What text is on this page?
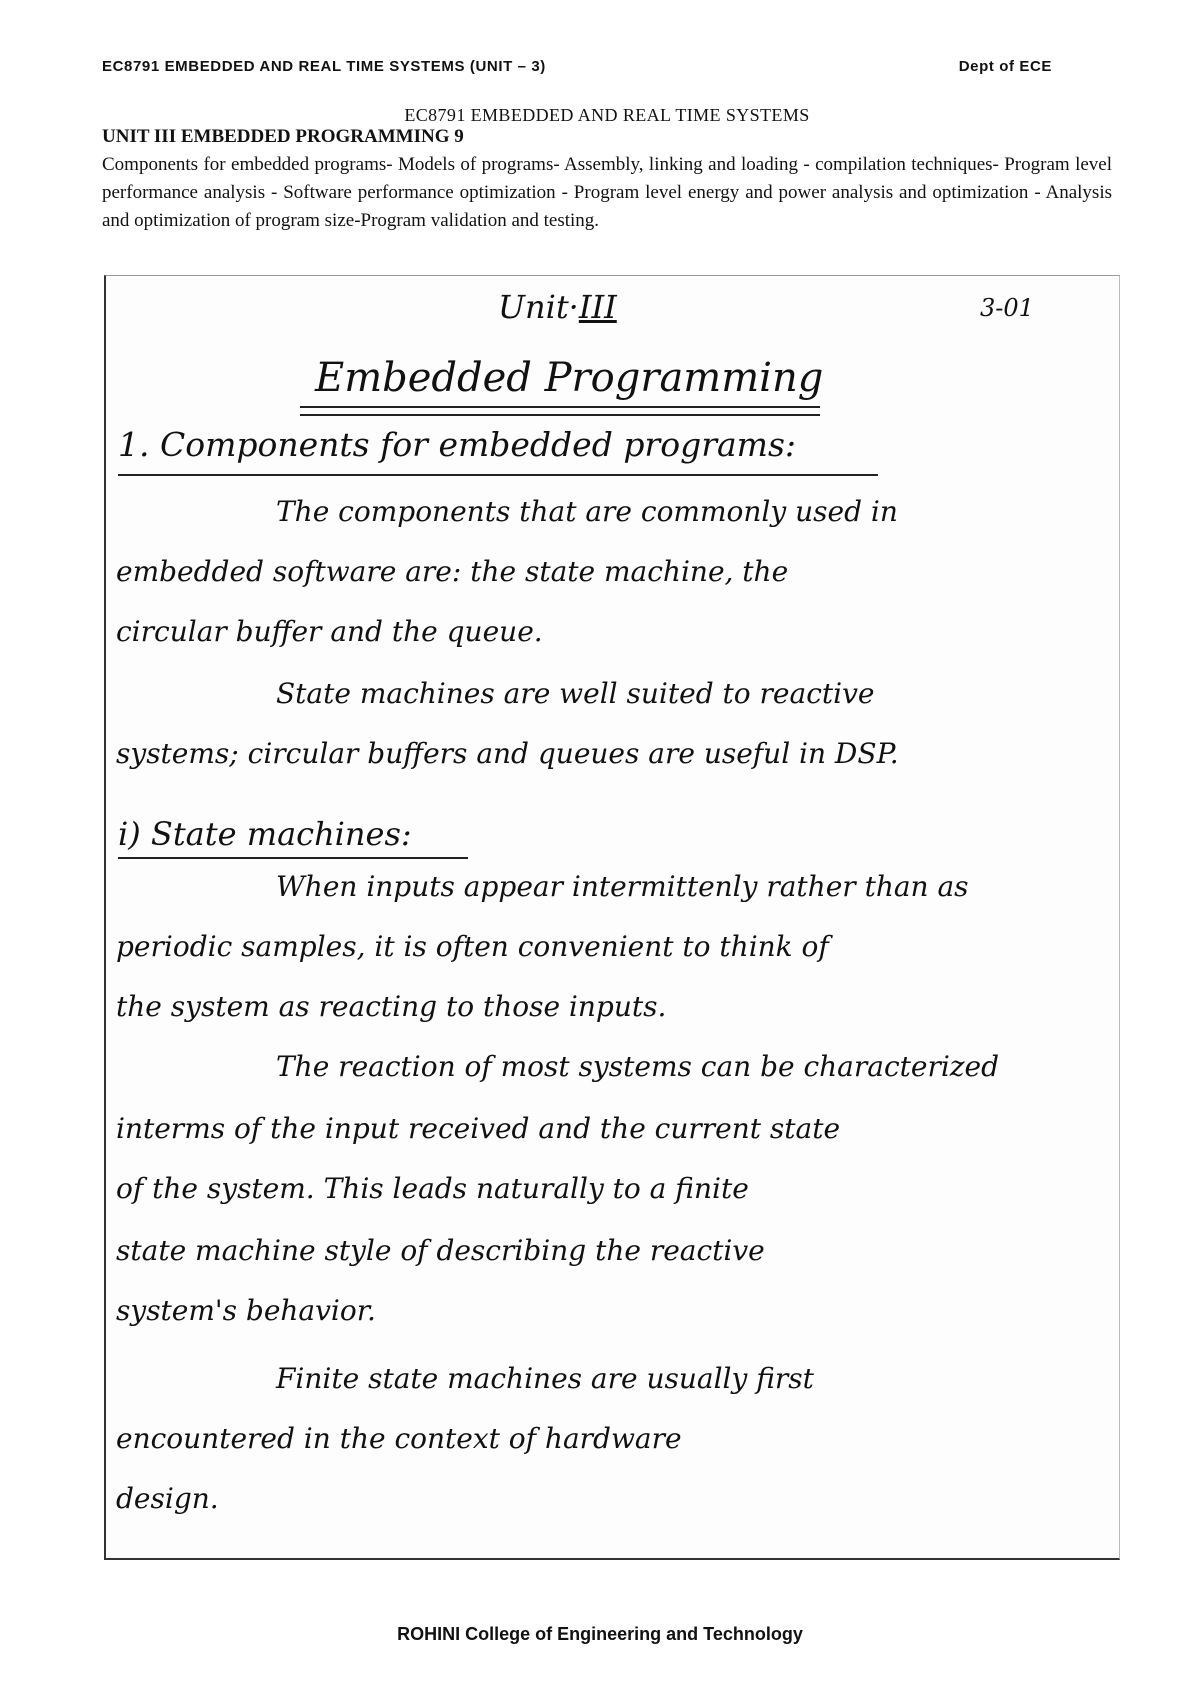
EC8791 EMBEDDED AND REAL TIME SYSTEMS (UNIT – 3)	Dept of ECE

EC8791 EMBEDDED AND REAL TIME SYSTEMS

UNIT III EMBEDDED PROGRAMMING 9

Components for embedded programs- Models of programs- Assembly, linking and loading - compilation techniques- Program level performance analysis - Software performance optimization - Program level energy and power analysis and optimization - Analysis and optimization of program size-Program validation and testing.

Unit·III	3-01
Embedded Programming
1. Components for embedded programs:
The components that are commonly used in
embedded software are: the state machine, the
circular buffer and the queue.
State machines are well suited to reactive
systems; circular buffers and queues are useful in DSP.
i) State machines:
When inputs appear intermittenly rather than as
periodic samples, it is often convenient to think of
the system as reacting to those inputs.
The reaction of most systems can be characterized
interms of the input received and the current state
of the system. This leads naturally to a finite
state machine style of describing the reactive
system's behavior.
Finite state machines are usually first
encountered in the context of hardware
design.
ROHINI College of Engineering and Technology
